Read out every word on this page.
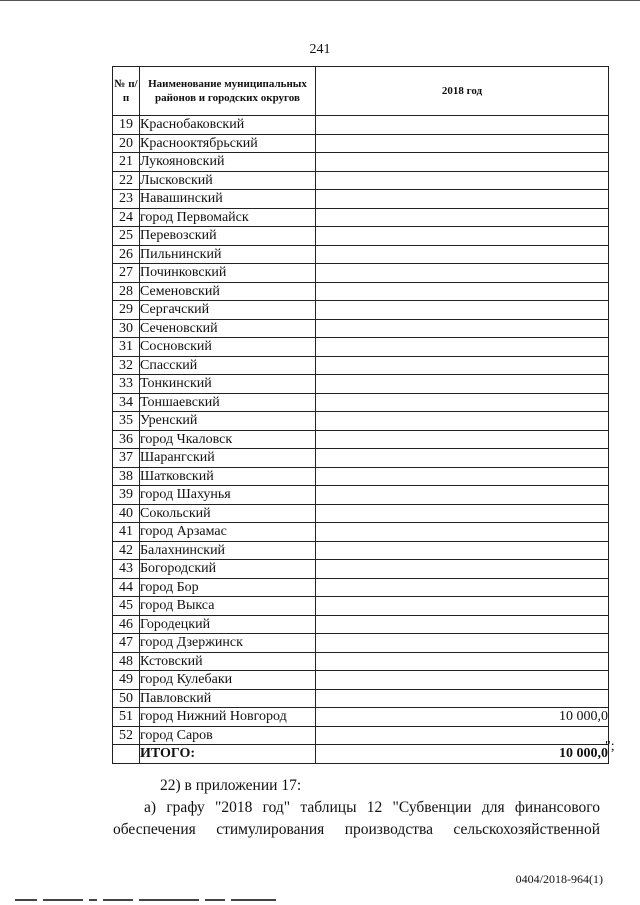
241
№ п/п	Наименование муниципальных районов и городских округов	2018 год
19	Краснобаковский	
20	Краснооктябрьский	
21	Лукояновский	
22	Лысковский	
23	Навашинский	
24	город Первомайск	
25	Перевозский	
26	Пильнинский	
27	Починковский	
28	Семеновский	
29	Сергачский	
30	Сеченовский	
31	Сосновский	
32	Спасский	
33	Тонкинский	
34	Тоншаевский	
35	Уренский	
36	город Чкаловск	
37	Шарангский	
38	Шатковский	
39	город Шахунья	
40	Сокольский	
41	город Арзамас	
42	Балахнинский	
43	Богородский	
44	город Бор	
45	город Выкса	
46	Городецкий	
47	город Дзержинск	
48	Кстовский	
49	город Кулебаки	
50	Павловский	
51	город Нижний Новгород	10 000,0
52	город Саров	
	ИТОГО:	10 000,0
";
22) в приложении 17:
а) графу "2018 год" таблицы 12 "Субвенции для финансового
обеспечения стимулирования производства сельскохозяйственной
0404/2018-964(1)
